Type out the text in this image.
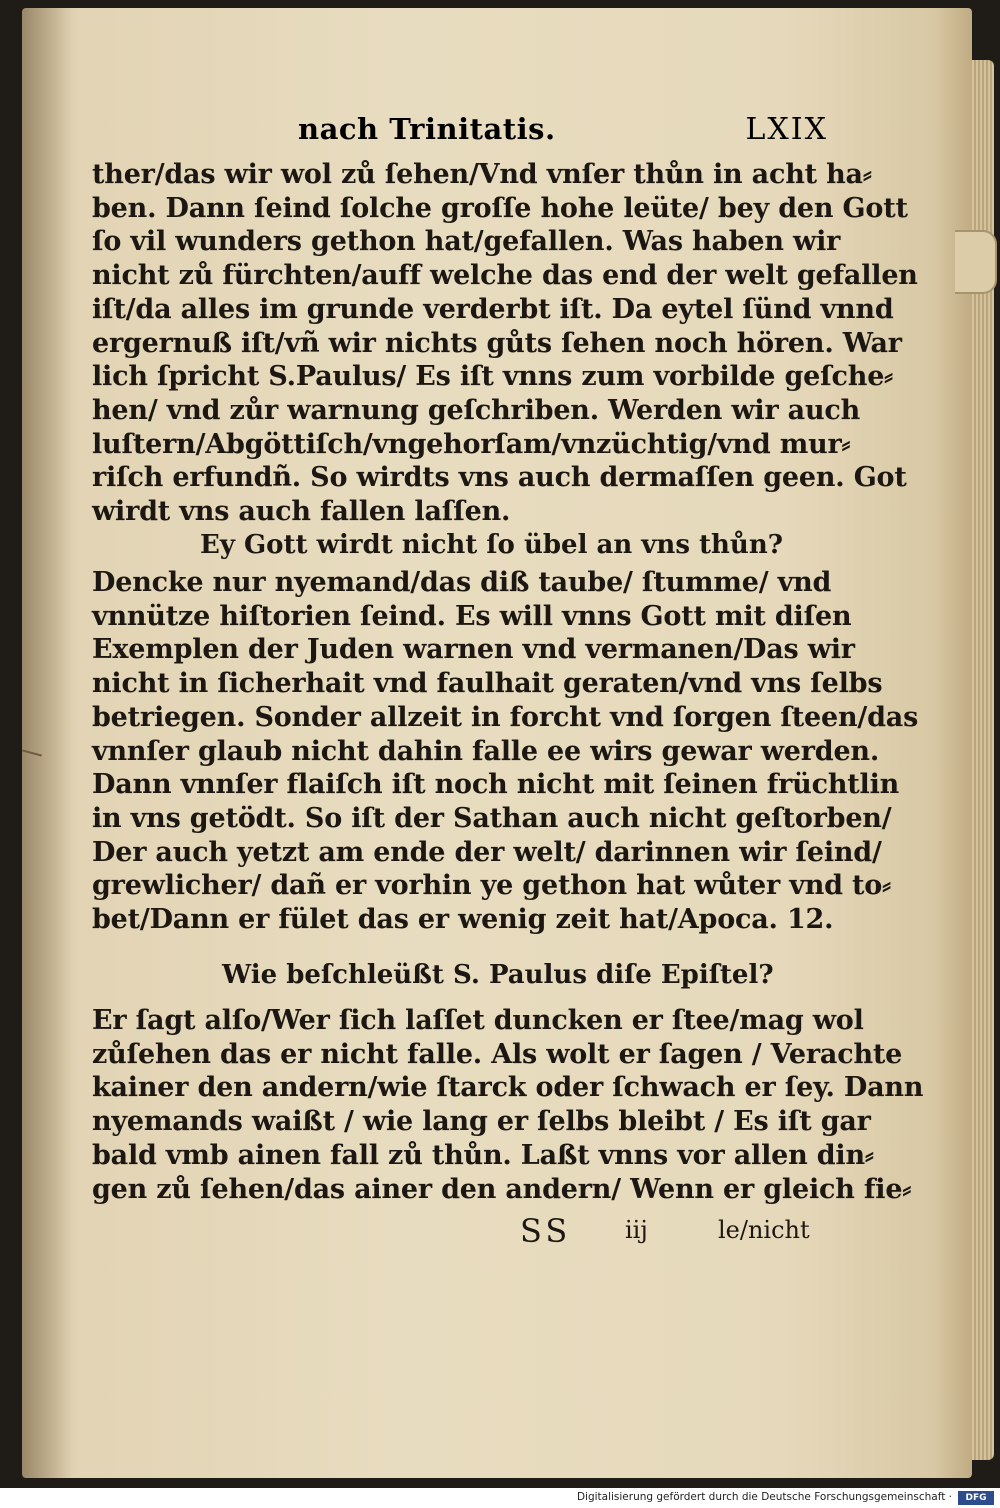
nach Trinitatis.	LXIX
ther/das wir wol zů ſehen/Vnd vnſer thůn in acht ha⸗
ben. Dann ſeind ſolche groſſe hohe leüte/ bey den Gott
ſo vil wunders gethon hat/gefallen. Was haben wir
nicht zů fürchten/auff welche das end der welt gefallen
iſt/da alles im grunde verderbt iſt. Da eytel ſünd vnnd
ergernuß iſt/vñ wir nichts gůts ſehen noch hören. War
lich ſpricht S.Paulus/ Es iſt vnns zum vorbilde geſche⸗
hen/ vnd zůr warnung geſchriben. Werden wir auch
luſtern/Abgöttiſch/vngehorſam/vnzüchtig/vnd mur⸗
riſch erfundñ. So wirdts vns auch dermaſſen geen. Got
wirdt vns auch fallen laſſen.
Ey Gott wirdt nicht ſo übel an vns thůn?
Dencke nur nyemand/das diß taube/ ſtumme/ vnd
vnnütze hiſtorien ſeind. Es will vnns Gott mit diſen
Exemplen der Juden warnen vnd vermanen/Das wir
nicht in ſicherhait vnd faulhait geraten/vnd vns ſelbs
betriegen. Sonder allzeit in forcht vnd ſorgen ſteen/das
vnnſer glaub nicht dahin falle ee wirs gewar werden.
Dann vnnſer flaiſch iſt noch nicht mit ſeinen früchtlin
in vns getödt. So iſt der Sathan auch nicht geſtorben/
Der auch yetzt am ende der welt/ darinnen wir ſeind/
grewlicher/ dañ er vorhin ye gethon hat wůter vnd to⸗
bet/Dann er fület das er wenig zeit hat/Apoca. 12.
Wie beſchleüßt S. Paulus diſe Epiſtel?
Er ſagt alſo/Wer ſich laſſet duncken er ſtee/mag wol
zůſehen das er nicht falle. Als wolt er ſagen / Verachte
kainer den andern/wie ſtarck oder ſchwach er ſey. Dann
nyemands waißt / wie lang er ſelbs bleibt / Es iſt gar
bald vmb ainen fall zů thůn. Laßt vnns vor allen din⸗
gen zů ſehen/das ainer den andern/ Wenn er gleich fie⸗
SS iij	le/nicht
Digitalisierung gefördert durch die Deutsche Forschungsgemeinschaft ·	DFG
